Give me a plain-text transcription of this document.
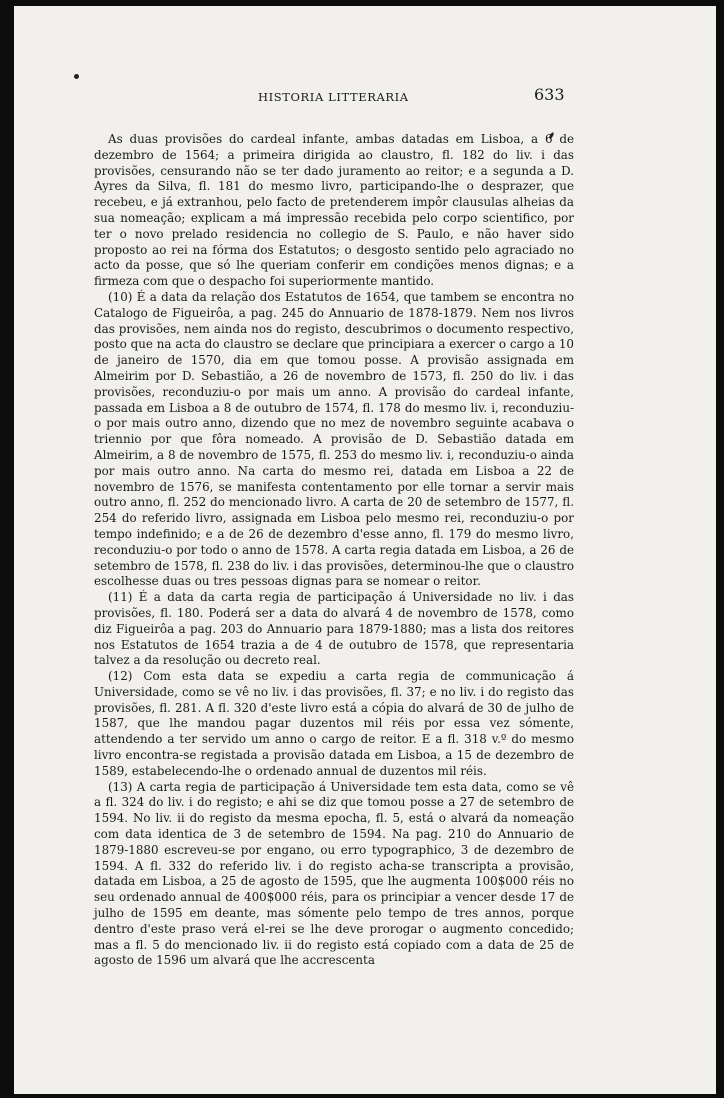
HISTORIA LITTERARIA	633

As duas provisões do cardeal infante, ambas datadas em Lisboa, a 6 de dezembro de 1564; a primeira dirigida ao claustro, fl. 182 do liv. i das provisões, censurando não se ter dado juramento ao reitor; e a segunda a D. Ayres da Silva, fl. 181 do mesmo livro, participando-lhe o desprazer, que recebeu, e já extranhou, pelo facto de pretenderem impôr clausulas alheias da sua nomeação; explicam a má impressão recebida pelo corpo scientifico, por ter o novo prelado residencia no collegio de S. Paulo, e não haver sido proposto ao rei na fórma dos Estatutos; o desgosto sentido pelo agraciado no acto da posse, que só lhe queriam conferir em condições menos dignas; e a firmeza com que o despacho foi superiormente mantido.

(10) É a data da relação dos Estatutos de 1654, que tambem se encontra no Catalogo de Figueirôa, a pag. 245 do Annuario de 1878-1879. Nem nos livros das provisões, nem ainda nos do registo, descubrimos o documento respectivo, posto que na acta do claustro se declare que principiara a exercer o cargo a 10 de janeiro de 1570, dia em que tomou posse. A provisão assignada em Almeirim por D. Sebastião, a 26 de novembro de 1573, fl. 250 do liv. i das provisões, reconduziu-o por mais um anno. A provisão do cardeal infante, passada em Lisboa a 8 de outubro de 1574, fl. 178 do mesmo liv. i, reconduziu-o por mais outro anno, dizendo que no mez de novembro seguinte acabava o triennio por que fôra nomeado. A provisão de D. Sebastião datada em Almeirim, a 8 de novembro de 1575, fl. 253 do mesmo liv. i, reconduziu-o ainda por mais outro anno. Na carta do mesmo rei, datada em Lisboa a 22 de novembro de 1576, se manifesta contentamento por elle tornar a servir mais outro anno, fl. 252 do mencionado livro. A carta de 20 de setembro de 1577, fl. 254 do referido livro, assignada em Lisboa pelo mesmo rei, reconduziu-o por tempo indefinido; e a de 26 de dezembro d'esse anno, fl. 179 do mesmo livro, reconduziu-o por todo o anno de 1578. A carta regia datada em Lisboa, a 26 de setembro de 1578, fl. 238 do liv. i das provisões, determinou-lhe que o claustro escolhesse duas ou tres pessoas dignas para se nomear o reitor.

(11) É a data da carta regia de participação á Universidade no liv. i das provisões, fl. 180. Poderá ser a data do alvará 4 de novembro de 1578, como diz Figueirôa a pag. 203 do Annuario para 1879-1880; mas a lista dos reitores nos Estatutos de 1654 trazia a de 4 de outubro de 1578, que representaria talvez a da resolução ou decreto real.

(12) Com esta data se expediu a carta regia de communicação á Universidade, como se vê no liv. i das provisões, fl. 37; e no liv. i do registo das provisões, fl. 281. A fl. 320 d'este livro está a cópia do alvará de 30 de julho de 1587, que lhe mandou pagar duzentos mil réis por essa vez sómente, attendendo a ter servido um anno o cargo de reitor. E a fl. 318 v.º do mesmo livro encontra-se registada a provisão datada em Lisboa, a 15 de dezembro de 1589, estabelecendo-lhe o ordenado annual de duzentos mil réis.

(13) A carta regia de participação á Universidade tem esta data, como se vê a fl. 324 do liv. i do registo; e ahi se diz que tomou posse a 27 de setembro de 1594. No liv. ii do registo da mesma epocha, fl. 5, está o alvará da nomeação com data identica de 3 de setembro de 1594. Na pag. 210 do Annuario de 1879-1880 escreveu-se por engano, ou erro typographico, 3 de dezembro de 1594. A fl. 332 do referido liv. i do registo acha-se transcripta a provisão, datada em Lisboa, a 25 de agosto de 1595, que lhe augmenta 100$000 réis no seu ordenado annual de 400$000 réis, para os principiar a vencer desde 17 de julho de 1595 em deante, mas sómente pelo tempo de tres annos, porque dentro d'este praso verá el-rei se lhe deve prorogar o augmento concedido; mas a fl. 5 do mencionado liv. ii do registo está copiado com a data de 25 de agosto de 1596 um alvará que lhe accrescenta
